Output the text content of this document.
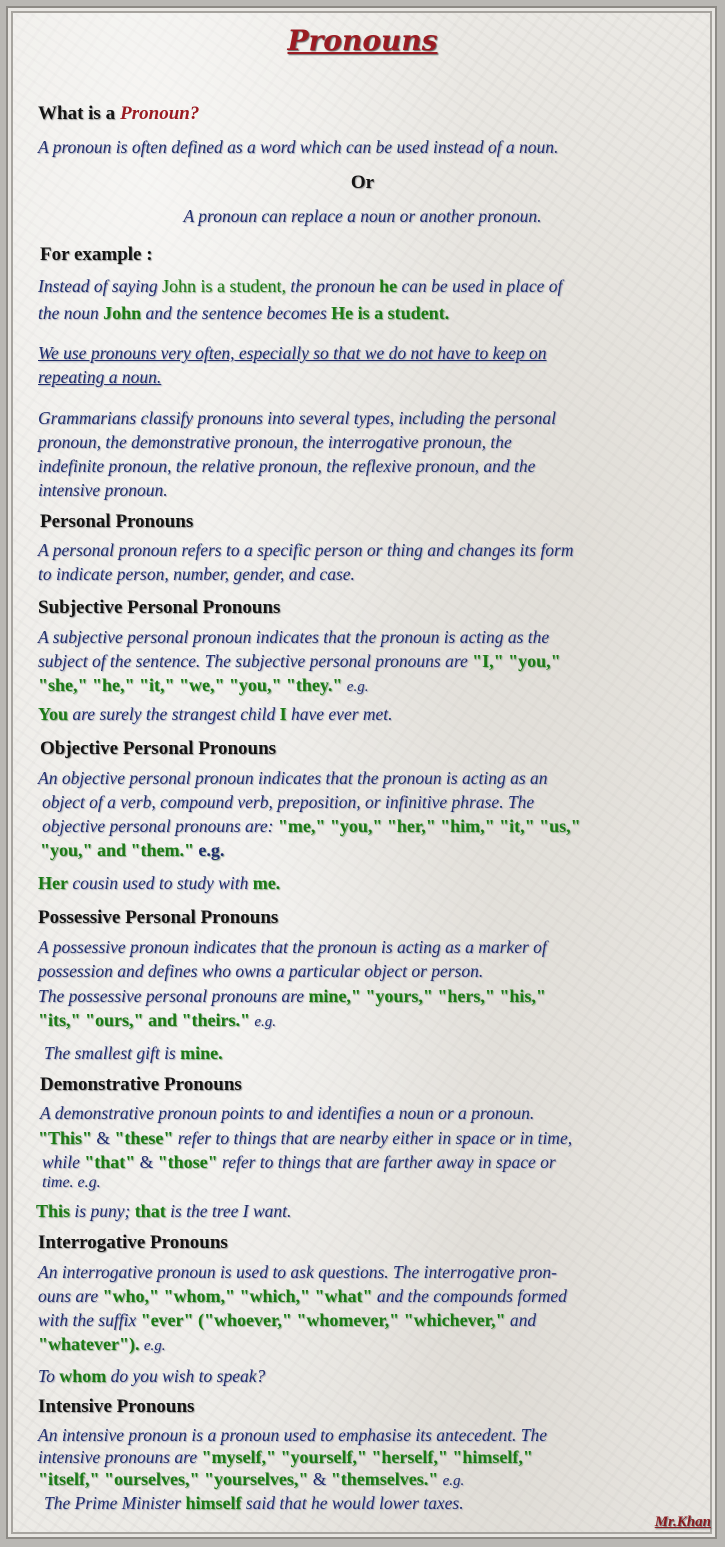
Pronouns
What is a Pronoun?
A pronoun is often defined as a word which can be used instead of a noun.
Or
A pronoun can replace a noun or another pronoun.
For example :
Instead of saying John is a student, the pronoun he can be used in place of
the noun John and the sentence becomes He is a student.
We use pronouns very often, especially so that we do not have to keep on
repeating a noun.
Grammarians classify pronouns into several types, including the personal
pronoun, the demonstrative pronoun, the interrogative pronoun, the
indefinite pronoun, the relative pronoun, the reflexive pronoun, and the
intensive pronoun.
Personal Pronouns
A personal pronoun refers to a specific person or thing and changes its form
to indicate person, number, gender, and case.
Subjective Personal Pronouns
A subjective personal pronoun indicates that the pronoun is acting as the
subject of the sentence. The subjective personal pronouns are "I," "you,"
"she," "he," "it," "we," "you," "they." e.g.
You are surely the strangest child I have ever met.
Objective Personal Pronouns
An objective personal pronoun indicates that the pronoun is acting as an
object of a verb, compound verb, preposition, or infinitive phrase. The
objective personal pronouns are: "me," "you," "her," "him," "it," "us,"
"you," and "them." e.g.
Her cousin used to study with me.
Possessive Personal Pronouns
A possessive pronoun indicates that the pronoun is acting as a marker of
possession and defines who owns a particular object or person.
The possessive personal pronouns are mine," "yours," "hers," "his,"
"its," "ours," and "theirs." e.g.
The smallest gift is mine.
Demonstrative Pronouns
A demonstrative pronoun points to and identifies a noun or a pronoun.
"This" & "these" refer to things that are nearby either in space or in time,
while "that" & "those" refer to things that are farther away in space or
time. e.g.
This is puny; that is the tree I want.
Interrogative Pronouns
An interrogative pronoun is used to ask questions. The interrogative pron-
ouns are "who," "whom," "which," "what" and the compounds formed
with the suffix "ever" ("whoever," "whomever," "whichever," and
"whatever"). e.g.
To whom do you wish to speak?
Intensive Pronouns
An intensive pronoun is a pronoun used to emphasise its antecedent. The
intensive pronouns are "myself," "yourself," "herself," "himself,"
"itself," "ourselves," "yourselves," & "themselves." e.g.
The Prime Minister himself said that he would lower taxes.
Mr.Khan
